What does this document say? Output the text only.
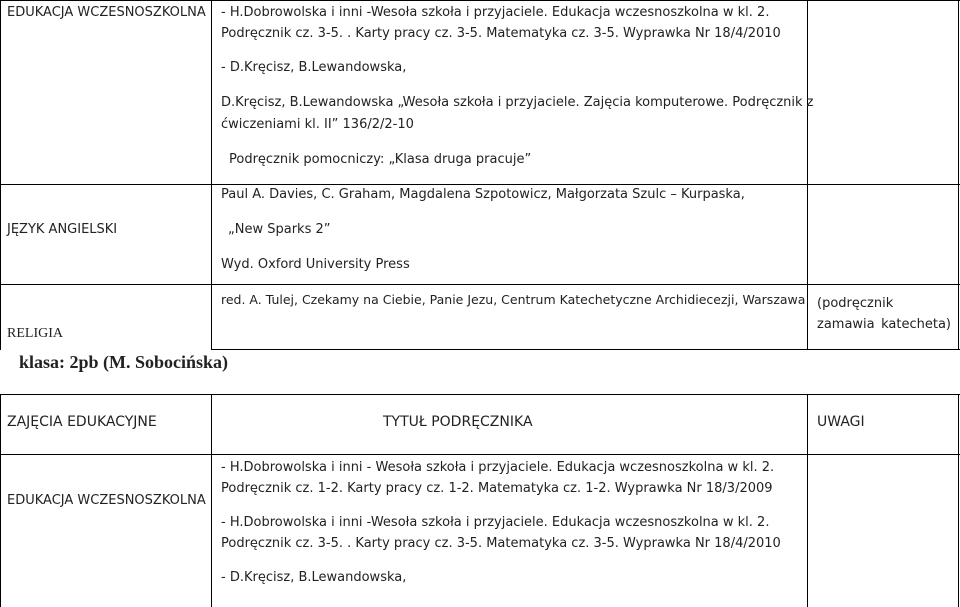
EDUKACJA WCZESNOSZKOLNA - H.Dobrowolska i inni -Wesoła szkoła i przyjaciele. Edukacja wczesnoszkolna w kl. 2.
Podręcznik cz. 3-5. . Karty pracy cz. 3-5. Matematyka cz. 3-5. Wyprawka Nr 18/4/2010
- D.Kręcisz, B.Lewandowska,
D.Kręcisz, B.Lewandowska „Wesoła szkoła i przyjaciele. Zajęcia komputerowe. Podręcznik z
ćwiczeniami kl. II” 136/2/2-10
Podręcznik pomocniczy: „Klasa druga pracuje”
JĘZYK ANGIELSKI
Paul A. Davies, C. Graham, Magdalena Szpotowicz, Małgorzata Szulc – Kurpaska,
„New Sparks 2”
Wyd. Oxford University Press
RELIGIA
red. A. Tulej, Czekamy na Ciebie, Panie Jezu, Centrum Katechetyczne Archidiecezji, Warszawa (podręcznik zamawia katecheta)
klasa: 2pb (M. Sobocińska)
ZAJĘCIA EDUKACYJNE	TYTUŁ PODRĘCZNIKA	UWAGI
EDUKACJA WCZESNOSZKOLNA
- H.Dobrowolska i inni - Wesoła szkoła i przyjaciele. Edukacja wczesnoszkolna w kl. 2.
Podręcznik cz. 1-2. Karty pracy cz. 1-2. Matematyka cz. 1-2. Wyprawka Nr 18/3/2009
- H.Dobrowolska i inni -Wesoła szkoła i przyjaciele. Edukacja wczesnoszkolna w kl. 2.
Podręcznik cz. 3-5. . Karty pracy cz. 3-5. Matematyka cz. 3-5. Wyprawka Nr 18/4/2010
- D.Kręcisz, B.Lewandowska,
